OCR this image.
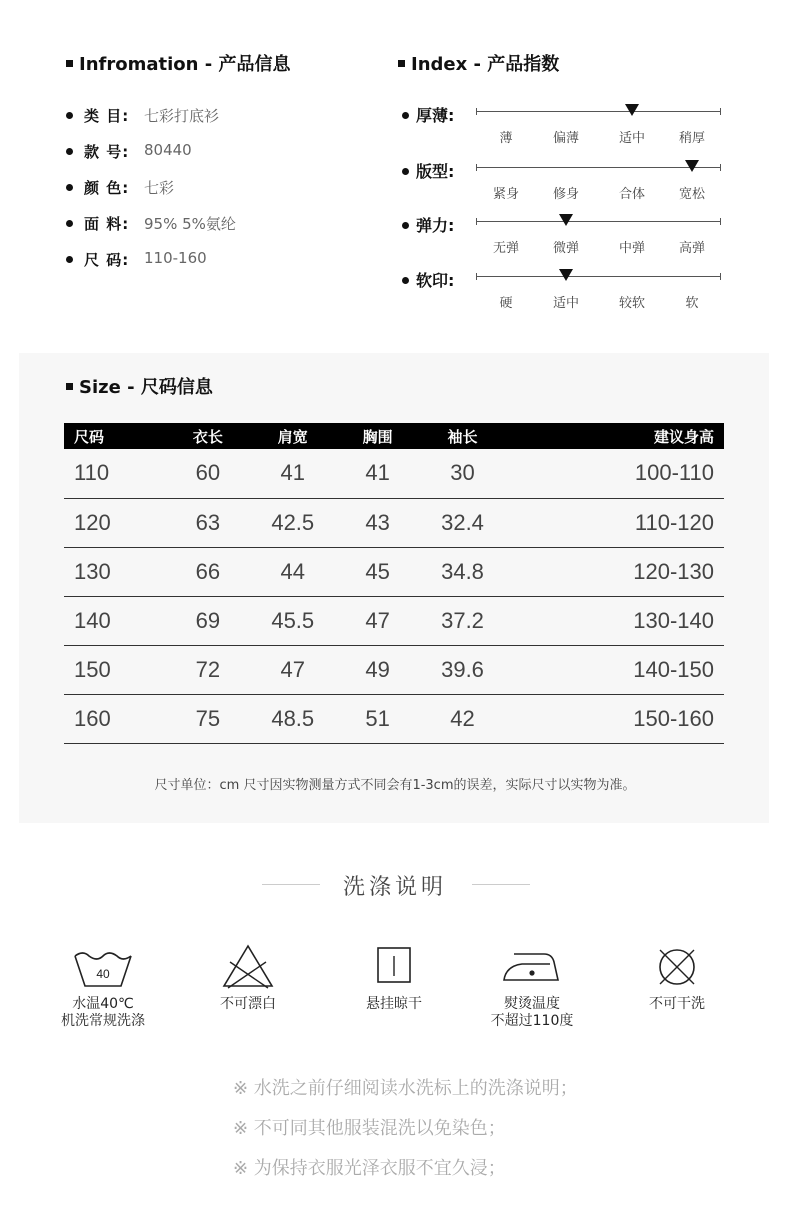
Infromation - 产品信息
类 目: 七彩打底衫
款 号: 80440
颜 色: 七彩
面 料: 95% 5%氨纶
尺 码: 110-160
Index - 产品指数
厚薄:
薄	偏薄	适中	稍厚
版型:
紧身	修身	合体	宽松
弹力:
无弹	微弹	中弹	高弹
软印:
硬	适中	较软	软
Size - 尺码信息
尺码	衣长	肩宽	胸围	袖长	建议身高
110	60	41	41	30	100-110
120	63	42.5	43	32.4	110-120
130	66	44	45	34.8	120-130
140	69	45.5	47	37.2	130-140
150	72	47	49	39.6	140-150
160	75	48.5	51	42	150-160
尺寸单位：cm 尺寸因实物测量方式不同会有1-3cm的误差，实际尺寸以实物为准。
洗涤说明
40
水温40℃
机洗常规洗涤
不可漂白	悬挂晾干	熨烫温度
不超过110度
不可干洗
※ 水洗之前仔细阅读水洗标上的洗涤说明；
※ 不可同其他服装混洗以免染色；
※ 为保持衣服光泽衣服不宜久浸；
